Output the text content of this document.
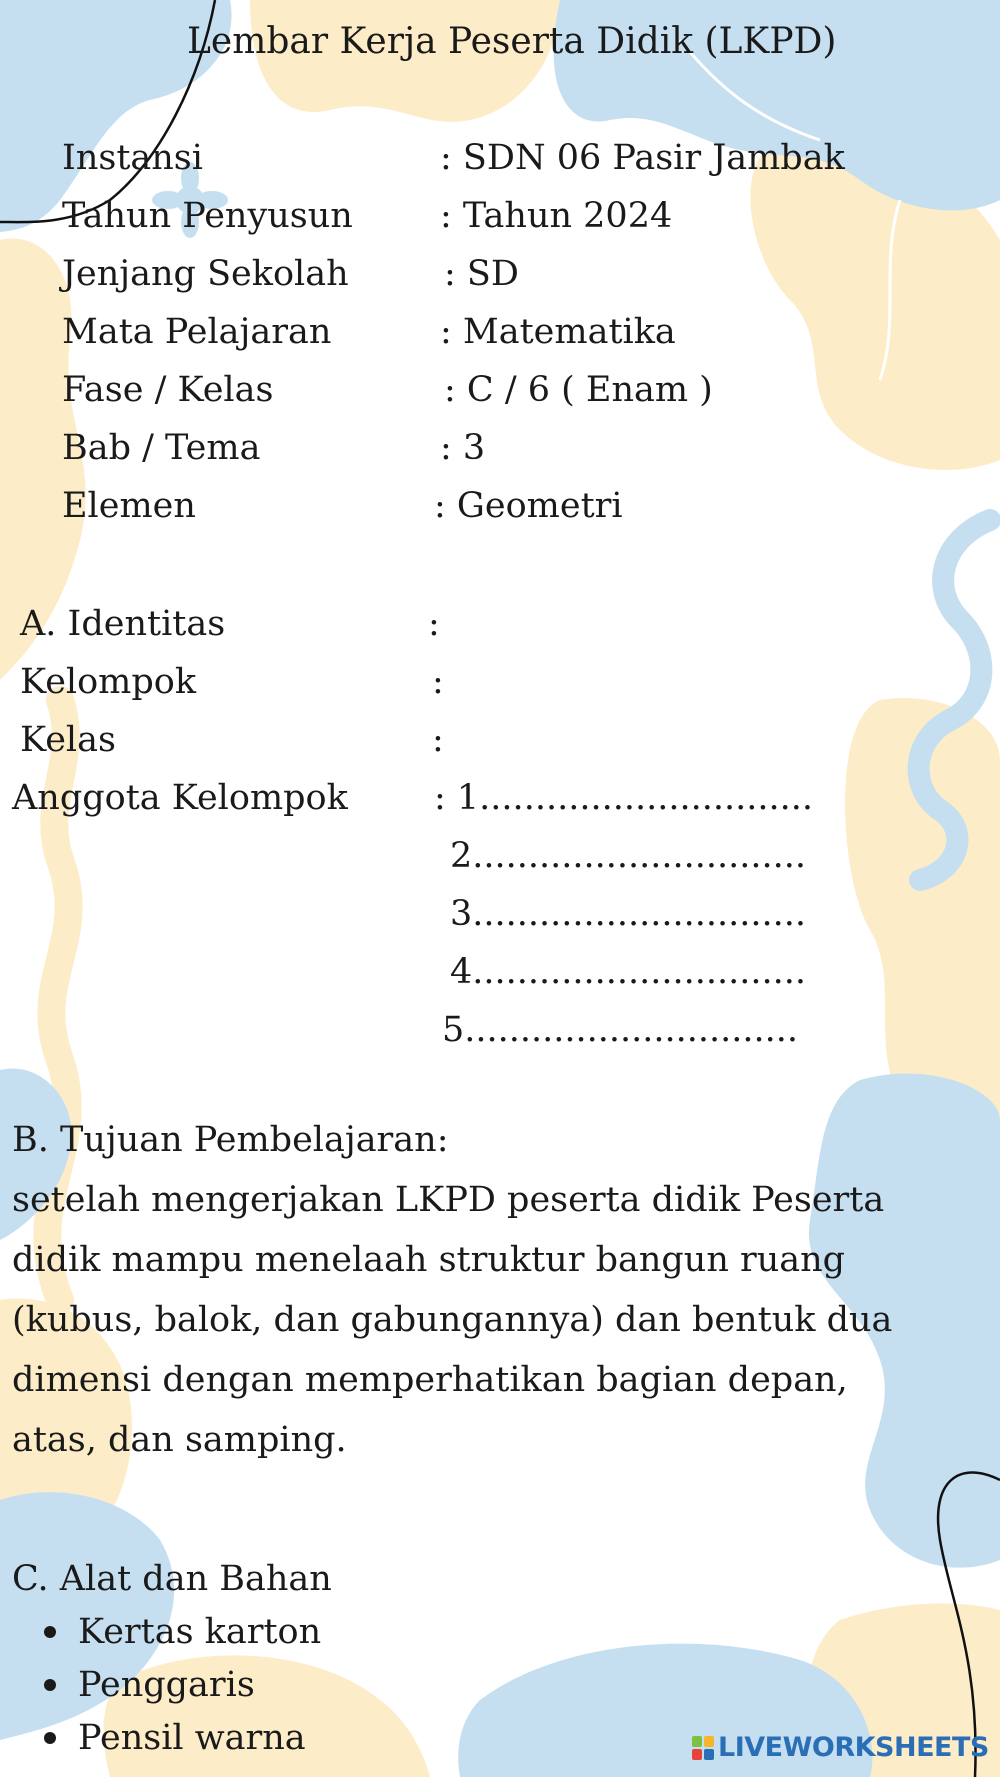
Lembar Kerja Peserta Didik (LKPD)
Instansi	: SDN 06 Pasir Jambak
Tahun Penyusun : Tahun 2024
Jenjang Sekolah	: SD
Mata Pelajaran	: Matematika
Fase / Kelas	: C / 6 ( Enam )
Bab / Tema	: 3
Elemen	: Geometri
A. Identitas	:
Kelompok	:
Kelas	:
Anggota Kelompok : 1..............................
2..............................
3..............................
4..............................
5..............................
B. Tujuan Pembelajaran:
setelah mengerjakan LKPD peserta didik Peserta
didik mampu menelaah struktur bangun ruang
(kubus, balok, dan gabungannya) dan bentuk dua
dimensi dengan memperhatikan bagian depan,
atas, dan samping.
C. Alat dan Bahan
Kertas karton
Penggaris
Pensil warna	LIVEWORKSHEETS
